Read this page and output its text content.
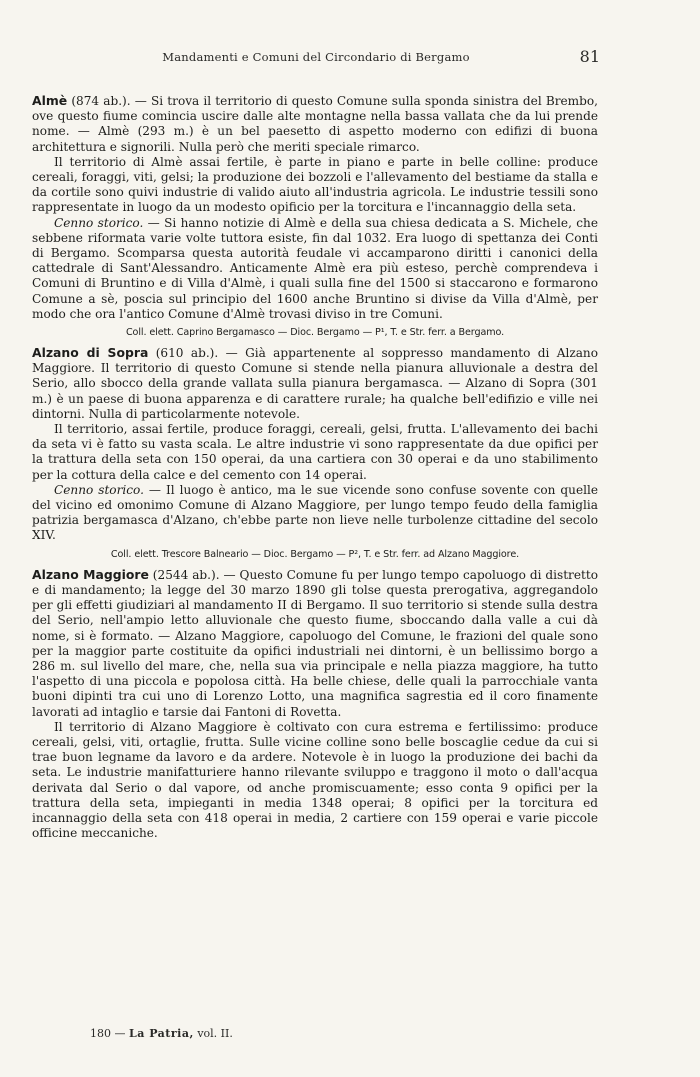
Mandamenti e Comuni del Circondario di Bergamo	81

Almè (874 ab.). — Si trova il territorio di questo Comune sulla sponda sinistra del Brembo, ove questo fiume comincia uscire dalle alte montagne nella bassa vallata che da lui prende nome. — Almè (293 m.) è un bel paesetto di aspetto moderno con edifizi di buona architettura e signorili. Nulla però che meriti speciale rimarco.

Il territorio di Almè assai fertile, è parte in piano e parte in belle colline: produce cereali, foraggi, viti, gelsi; la produzione dei bozzoli e l'allevamento del bestiame da stalla e da cortile sono quivi industrie di valido aiuto all'industria agricola. Le industrie tessili sono rappresentate in luogo da un modesto opificio per la torcitura e l'incannaggio della seta.

Cenno storico. — Si hanno notizie di Almè e della sua chiesa dedicata a S. Michele, che sebbene riformata varie volte tuttora esiste, fin dal 1032. Era luogo di spettanza dei Conti di Bergamo. Scomparsa questa autorità feudale vi accamparono diritti i canonici della cattedrale di Sant'Alessandro. Anticamente Almè era più esteso, perchè comprendeva i Comuni di Bruntino e di Villa d'Almè, i quali sulla fine del 1500 si staccarono e formarono Comune a sè, poscia sul principio del 1600 anche Bruntino si divise da Villa d'Almè, per modo che ora l'antico Comune d'Almè trovasi diviso in tre Comuni.

Coll. elett. Caprino Bergamasco — Dioc. Bergamo — P¹, T. e Str. ferr. a Bergamo.

Alzano di Sopra (610 ab.). — Già appartenente al soppresso mandamento di Alzano Maggiore. Il territorio di questo Comune si stende nella pianura alluvionale a destra del Serio, allo sbocco della grande vallata sulla pianura bergamasca. — Alzano di Sopra (301 m.) è un paese di buona apparenza e di carattere rurale; ha qualche bell'edifizio e ville nei dintorni. Nulla di particolarmente notevole.

Il territorio, assai fertile, produce foraggi, cereali, gelsi, frutta. L'allevamento dei bachi da seta vi è fatto su vasta scala. Le altre industrie vi sono rappresentate da due opifici per la trattura della seta con 150 operai, da una cartiera con 30 operai e da uno stabilimento per la cottura della calce e del cemento con 14 operai.

Cenno storico. — Il luogo è antico, ma le sue vicende sono confuse sovente con quelle del vicino ed omonimo Comune di Alzano Maggiore, per lungo tempo feudo della famiglia patrizia bergamasca d'Alzano, ch'ebbe parte non lieve nelle turbolenze cittadine del secolo XIV.

Coll. elett. Trescore Balneario — Dioc. Bergamo — P², T. e Str. ferr. ad Alzano Maggiore.

Alzano Maggiore (2544 ab.). — Questo Comune fu per lungo tempo capoluogo di distretto e di mandamento; la legge del 30 marzo 1890 gli tolse questa prerogativa, aggregandolo per gli effetti giudiziari al mandamento II di Bergamo. Il suo territorio si stende sulla destra del Serio, nell'ampio letto alluvionale che questo fiume, sboccando dalla valle a cui dà nome, si è formato. — Alzano Maggiore, capoluogo del Comune, le frazioni del quale sono per la maggior parte costituite da opifici industriali nei dintorni, è un bellissimo borgo a 286 m. sul livello del mare, che, nella sua via principale e nella piazza maggiore, ha tutto l'aspetto di una piccola e popolosa città. Ha belle chiese, delle quali la parrocchiale vanta buoni dipinti tra cui uno di Lorenzo Lotto, una magnifica sagrestia ed il coro finamente lavorati ad intaglio e tarsie dai Fantoni di Rovetta.

Il territorio di Alzano Maggiore è coltivato con cura estrema e fertilissimo: produce cereali, gelsi, viti, ortaglie, frutta. Sulle vicine colline sono belle boscaglie cedue da cui si trae buon legname da lavoro e da ardere. Notevole è in luogo la produzione dei bachi da seta. Le industrie manifatturiere hanno rilevante sviluppo e traggono il moto o dall'acqua derivata dal Serio o dal vapore, od anche promiscuamente; esso conta 9 opifici per la trattura della seta, impieganti in media 1348 operai; 8 opifici per la torcitura ed incannaggio della seta con 418 operai in media, 2 cartiere con 159 operai e varie piccole officine meccaniche.

180 — La Patria, vol. II.
